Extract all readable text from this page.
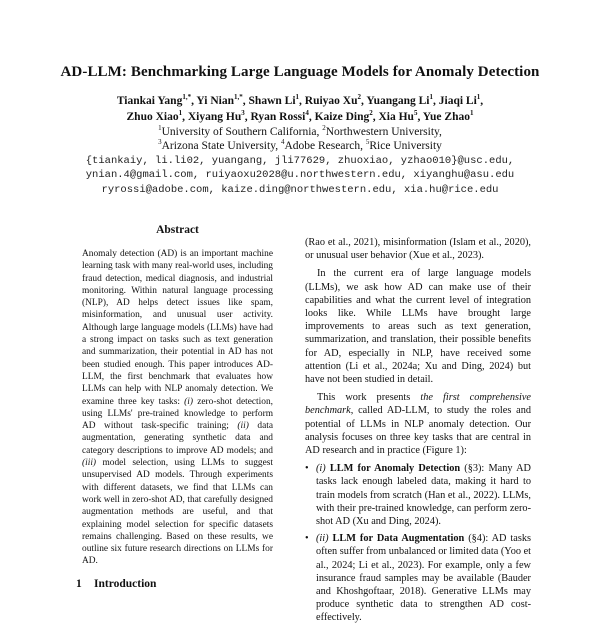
AD-LLM: Benchmarking Large Language Models for Anomaly Detection
Tiankai Yang$^{1,*}$, Yi Nian$^{1,*}$, Shawn Li$^1$, Ruiyao Xu$^2$, Yuangang Li$^1$, Jiaqi Li$^1$,
Zhuo Xiao$^1$, Xiyang Hu$^3$, Ryan Rossi$^4$, Kaize Ding$^2$, Xia Hu$^5$, Yue Zhao$^1$
$^1$University of Southern California, $^2$Northwestern University,
$^3$Arizona State University, $^4$Adobe Research, $^5$Rice University
{tiankaiy, li.li02, yuangang, jli77629, zhuoxiao, yzhao010}@usc.edu,
ynian.4@gmail.com, ruiyaoxu2028@u.northwestern.edu, xiyanghu@asu.edu
ryrossi@adobe.com, kaize.ding@northwestern.edu, xia.hu@rice.edu
Abstract

Anomaly detection (AD) is an important machine learning task with many real-world uses, including fraud detection, medical diagnosis, and industrial monitoring. Within natural language processing (NLP), AD helps detect issues like spam, misinformation, and unusual user activity. Although large language models (LLMs) have had a strong impact on tasks such as text generation and summarization, their potential in AD has not been studied enough. This paper introduces AD-LLM, the first benchmark that evaluates how LLMs can help with NLP anomaly detection. We examine three key tasks: (i) zero-shot detection, using LLMs' pre-trained knowledge to perform AD without task-specific training; (ii) data augmentation, generating synthetic data and category descriptions to improve AD models; and (iii) model selection, using LLMs to suggest unsupervised AD models. Through experiments with different datasets, we find that LLMs can work well in zero-shot AD, that carefully designed augmentation methods are useful, and that explaining model selection for specific datasets remains challenging. Based on these results, we outline six future research directions on LLMs for AD.

1 Introduction

(Rao et al., 2021), misinformation (Islam et al., 2020), or unusual user behavior (Xue et al., 2023).

In the current era of large language models (LLMs), we ask how AD can make use of their capabilities and what the current level of integration looks like. While LLMs have brought large improvements to areas such as text generation, summarization, and translation, their possible benefits for AD, especially in NLP, have received some attention (Li et al., 2024a; Xu and Ding, 2024) but have not been studied in detail.

This work presents the first comprehensive benchmark, called AD-LLM, to study the roles and potential of LLMs in NLP anomaly detection. Our analysis focuses on three key tasks that are central in AD research and in practice (Figure 1):

• (i) LLM for Anomaly Detection (§3): Many AD tasks lack enough labeled data, making it hard to train models from scratch (Han et al., 2022). LLMs, with their pre-trained knowledge, can perform zero-shot AD (Xu and Ding, 2024).
• (ii) LLM for Data Augmentation (§4): AD tasks often suffer from unbalanced or limited data (Yoo et al., 2024; Li et al., 2023). For example, only a few insurance fraud samples may be available (Bauder and Khoshgoftaar, 2018). Generative LLMs may produce synthetic data to strengthen AD cost-effectively.
